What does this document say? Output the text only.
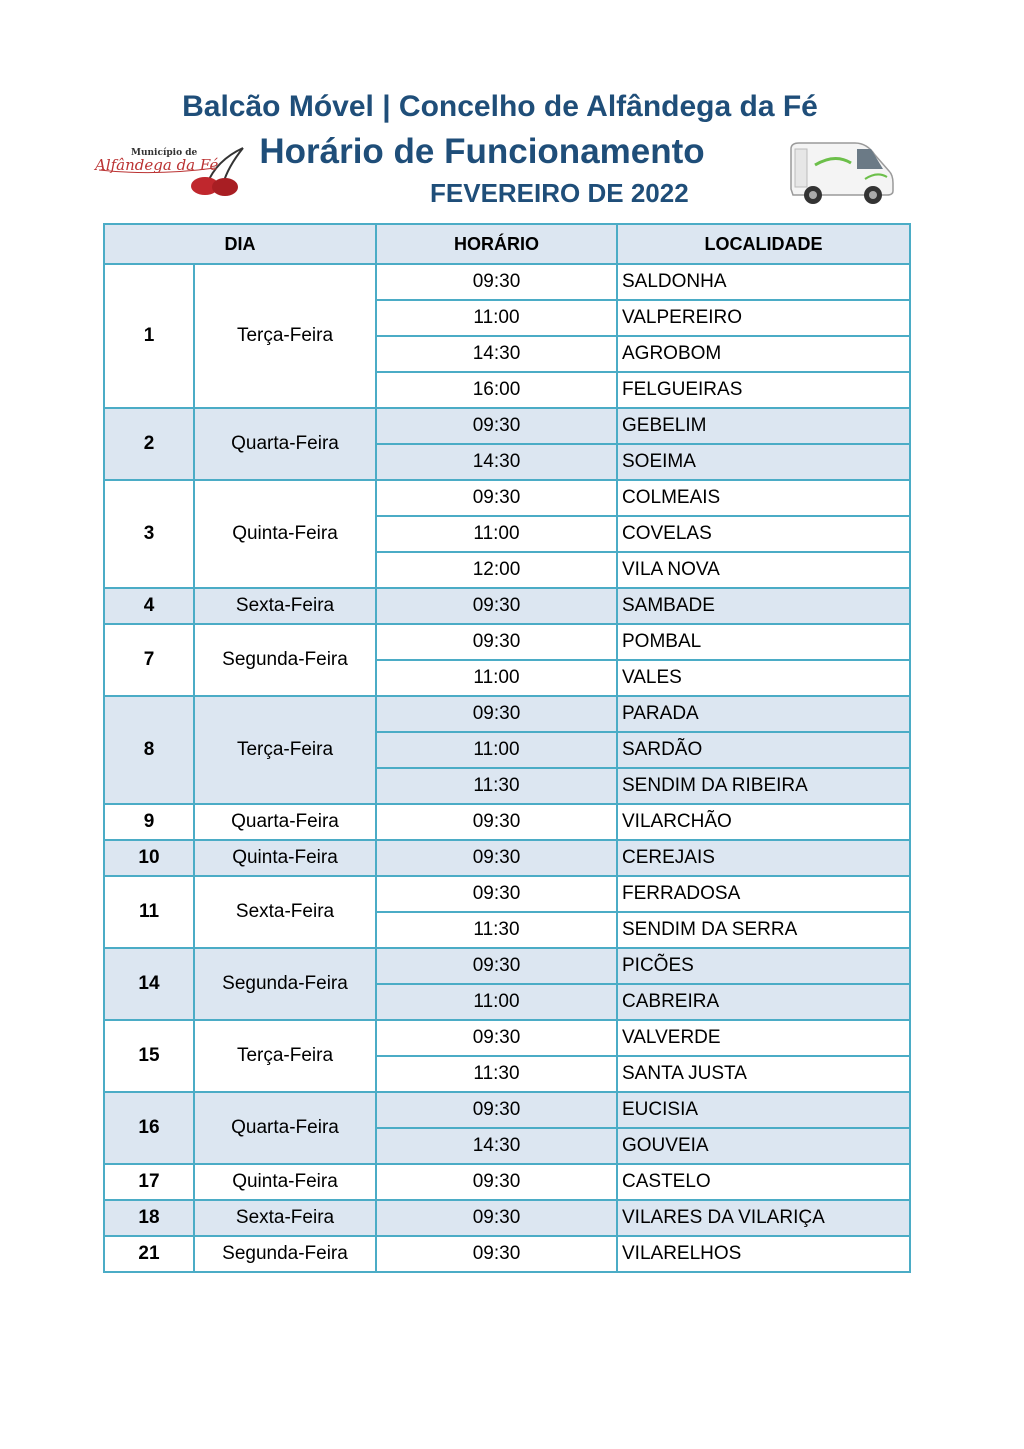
Balcão Móvel | Concelho de Alfândega da Fé
Município de
Alfândega da Fé	Horário de Funcionamento
FEVEREIRO DE 2022
DIA		HORÁRIO	LOCALIDADE
1	Terça-Feira	09:30	SALDONHA
		11:00	VALPEREIRO
		14:30	AGROBOM
		16:00	FELGUEIRAS
2	Quarta-Feira	09:30	GEBELIM
		14:30	SOEIMA
3	Quinta-Feira	09:30	COLMEAIS
		11:00	COVELAS
		12:00	VILA NOVA
4	Sexta-Feira	09:30	SAMBADE
7	Segunda-Feira	09:30	POMBAL
		11:00	VALES
8	Terça-Feira	09:30	PARADA
		11:00	SARDÃO
		11:30	SENDIM DA RIBEIRA
9	Quarta-Feira	09:30	VILARCHÃO
10	Quinta-Feira	09:30	CEREJAIS
11	Sexta-Feira	09:30	FERRADOSA
		11:30	SENDIM DA SERRA
14	Segunda-Feira	09:30	PICÕES
		11:00	CABREIRA
15	Terça-Feira	09:30	VALVERDE
		11:30	SANTA JUSTA
16	Quarta-Feira	09:30	EUCISIA
		14:30	GOUVEIA
17	Quinta-Feira	09:30	CASTELO
18	Sexta-Feira	09:30	VILARES DA VILARIÇA
21	Segunda-Feira	09:30	VILARELHOS
